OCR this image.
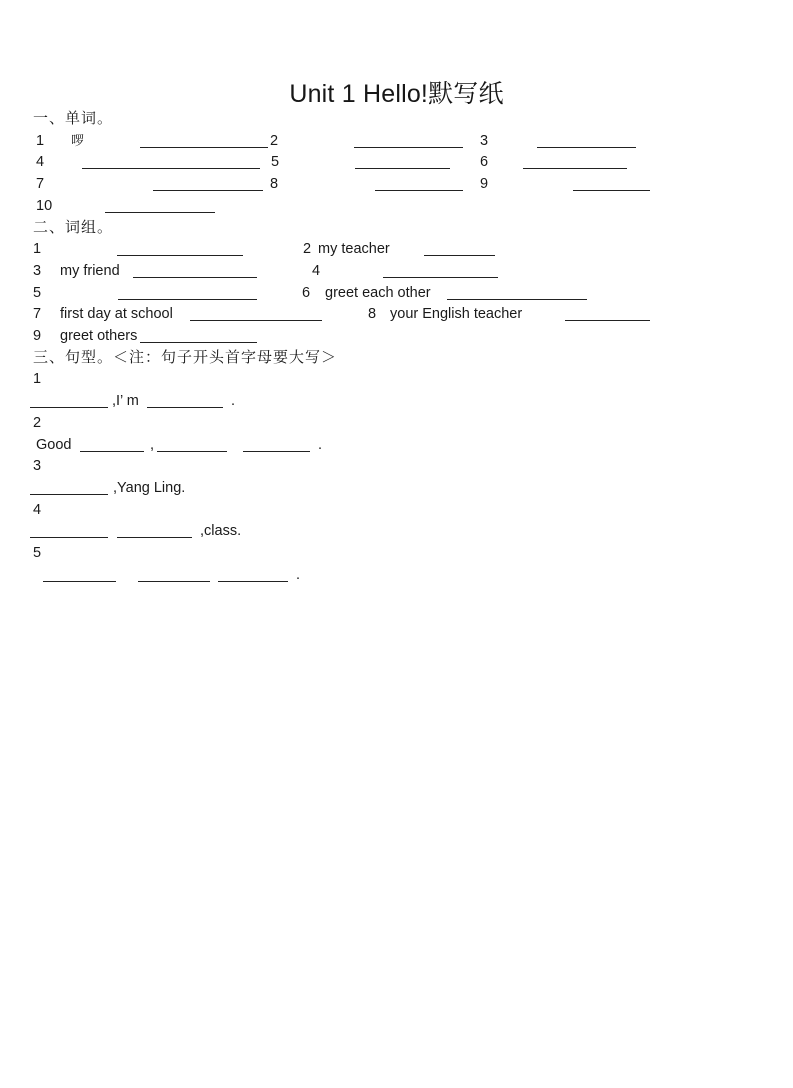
Unit 1 Hello!默写纸
一、单词。
1 啰	2	3
4	5	6
7	8	9
10
二、词组。
1	2 my teacher
3 my friend	4
5	6 greet each other
7 first day at school	8 your English teacher
9 greet others
三、句型。＜注：句子开头首字母要大写＞
1
,I’ m	.
2
Good	,	.
3
,Yang Ling.
4
,class.
5
.
